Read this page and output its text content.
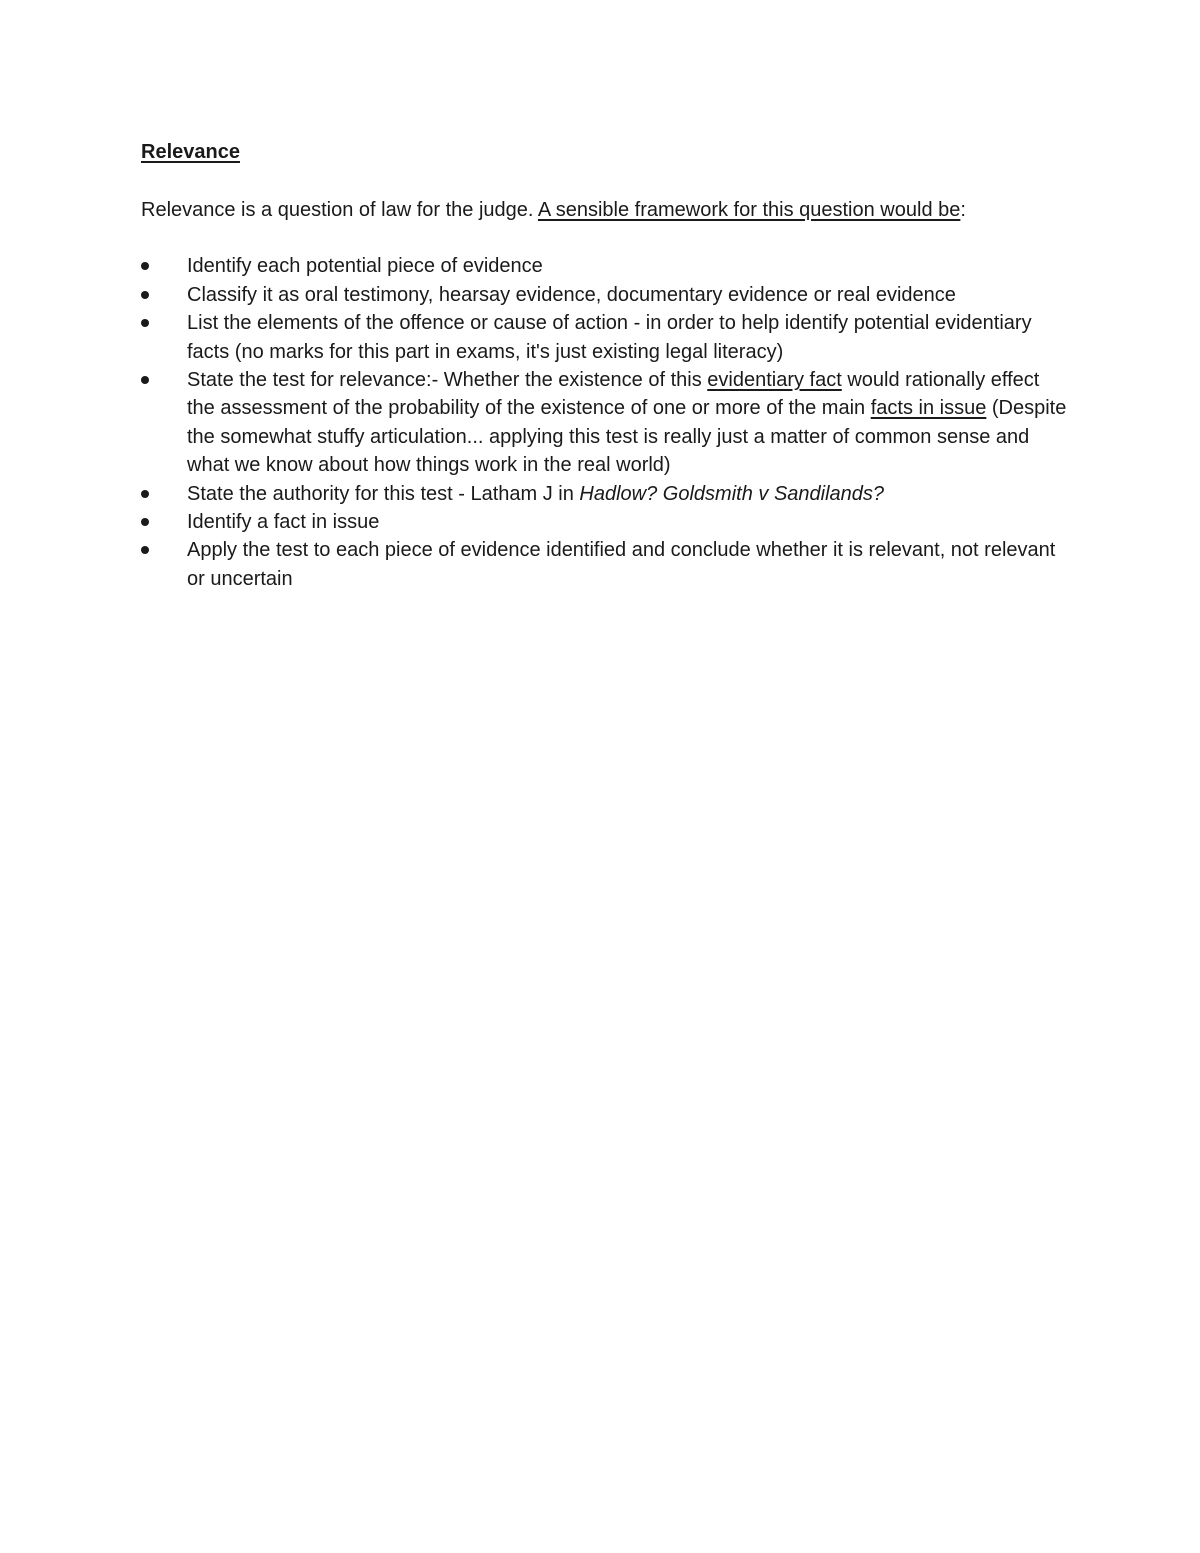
Relevance

Relevance is a question of law for the judge. A sensible framework for this question would be:

Identify each potential piece of evidence
Classify it as oral testimony, hearsay evidence, documentary evidence or real evidence
List the elements of the offence or cause of action - in order to help identify potential evidentiary facts (no marks for this part in exams, it's just existing legal literacy)
State the test for relevance:- Whether the existence of this evidentiary fact would rationally effect the assessment of the probability of the existence of one or more of the main facts in issue (Despite the somewhat stuffy articulation... applying this test is really just a matter of common sense and what we know about how things work in the real world)
State the authority for this test - Latham J in Hadlow? Goldsmith v Sandilands?
Identify a fact in issue
Apply the test to each piece of evidence identified and conclude whether it is relevant, not relevant or uncertain
